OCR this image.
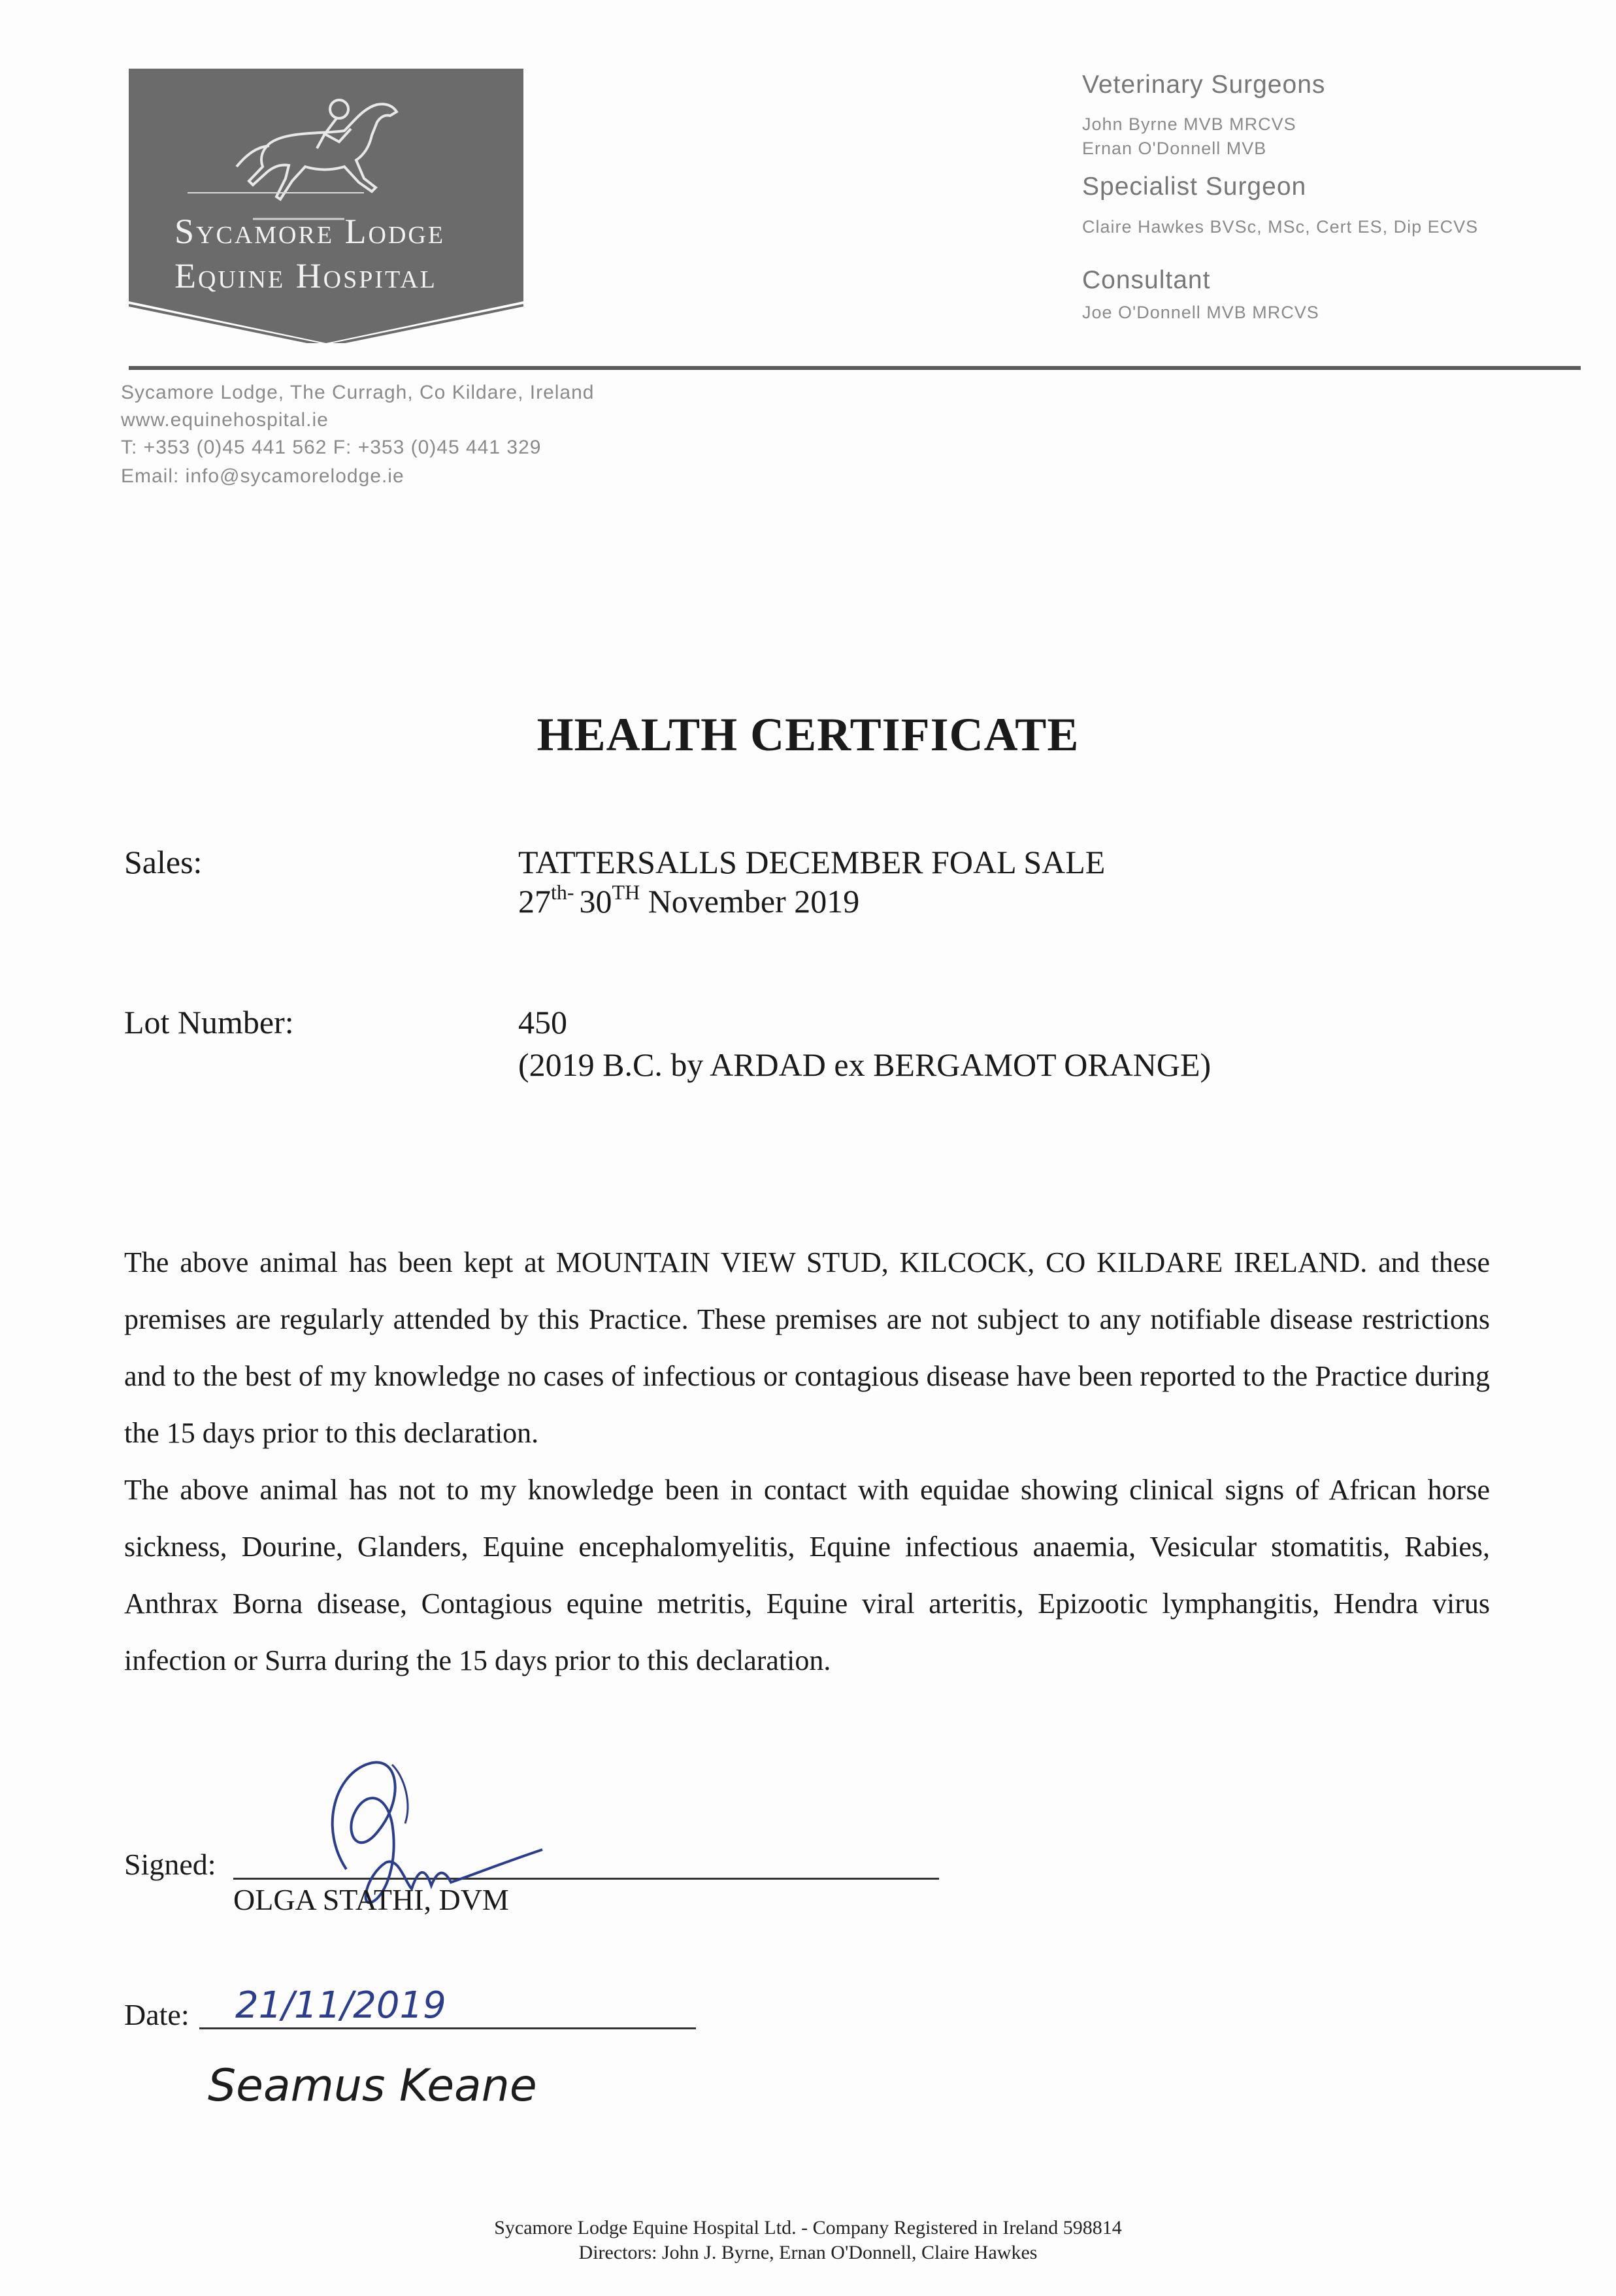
Sycamore Lodge
Equine Hospital
Veterinary Surgeons
John Byrne MVB MRCVS
Ernan O'Donnell MVB
Specialist Surgeon
Claire Hawkes BVSc, MSc, Cert ES, Dip ECVS
Consultant
Joe O'Donnell MVB MRCVS
Sycamore Lodge, The Curragh, Co Kildare, Ireland
www.equinehospital.ie
T: +353 (0)45 441 562 F: +353 (0)45 441 329
Email: info@sycamorelodge.ie
HEALTH CERTIFICATE
Sales:	TATTERSALLS DECEMBER FOAL SALE
$27^{th-}$ 30TH November 2019
Lot Number:	450
(2019 B.C. by ARDAD ex BERGAMOT ORANGE)

The above animal has been kept at MOUNTAIN VIEW STUD, KILCOCK, CO KILDARE IRELAND. and these premises are regularly attended by this Practice. These premises are not subject to any notifiable disease restrictions and to the best of my knowledge no cases of infectious or contagious disease have been reported to the Practice during the 15 days prior to this declaration.

The above animal has not to my knowledge been in contact with equidae showing clinical signs of African horse sickness, Dourine, Glanders, Equine encephalomyelitis, Equine infectious anaemia, Vesicular stomatitis, Rabies, Anthrax Borna disease, Contagious equine metritis, Equine viral arteritis, Epizootic lymphangitis, Hendra virus infection or Surra during the 15 days prior to this declaration.

Signed:
OLGA STATHI, DVM
Date: 21/11/2019
Seamus Keane
Sycamore Lodge Equine Hospital Ltd. - Company Registered in Ireland 598814
Directors: John J. Byrne, Ernan O'Donnell, Claire Hawkes
